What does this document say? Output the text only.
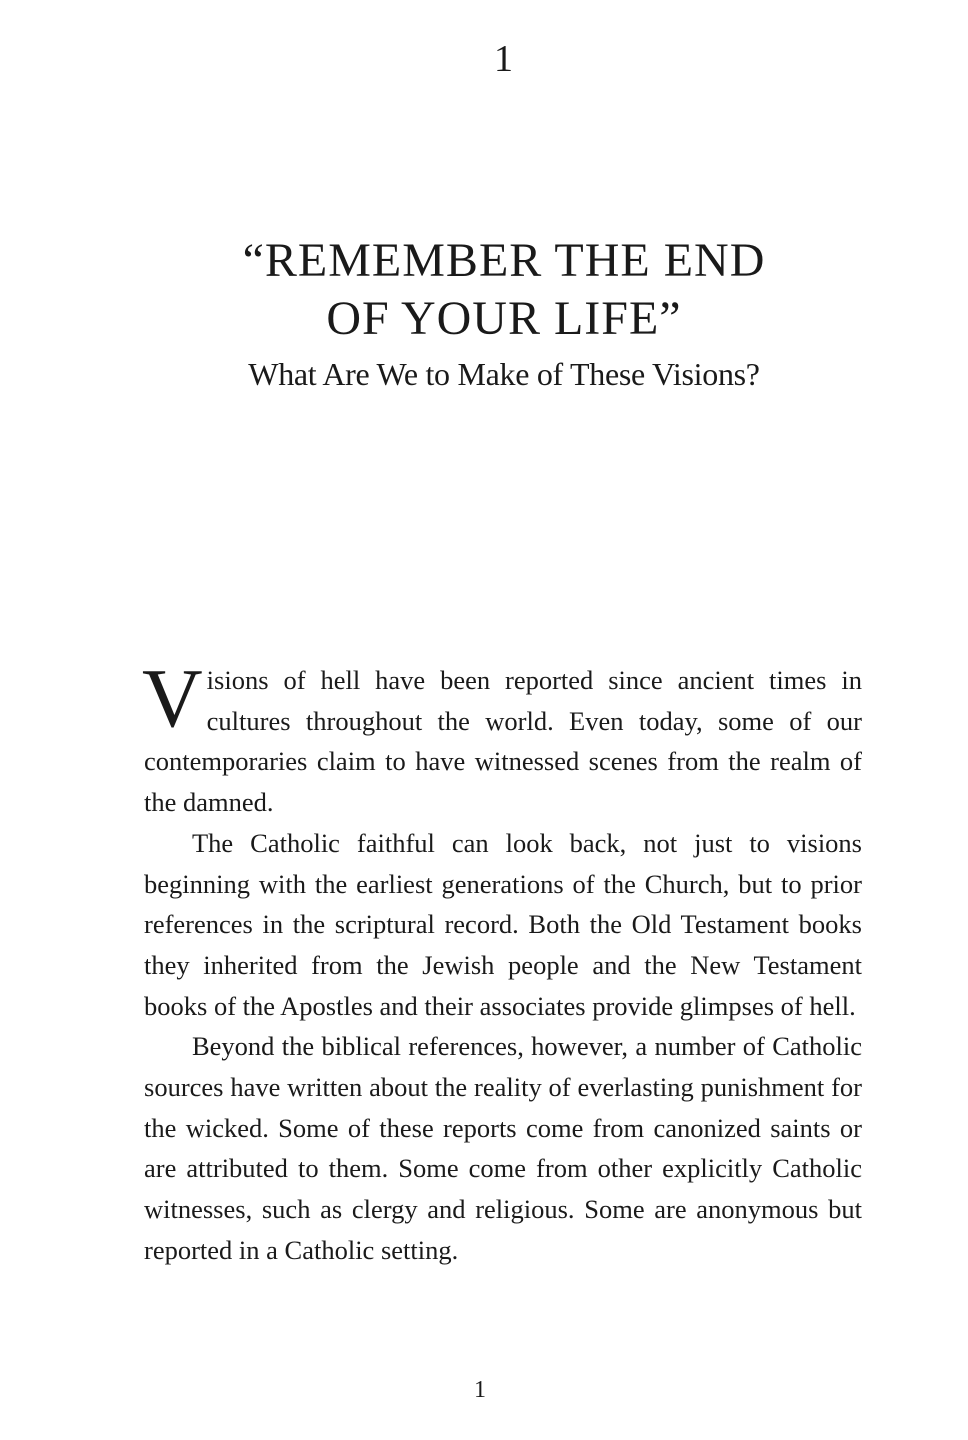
1
“REMEMBER THE END
OF YOUR LIFE”
What Are We to Make of These Visions?

Visions of hell have been reported since ancient times in cultures throughout the world. Even today, some of our contemporaries claim to have witnessed scenes from the realm of the damned.

The Catholic faithful can look back, not just to visions beginning with the earliest generations of the Church, but to prior references in the scriptural record. Both the Old Testament books they inherited from the Jewish people and the New Testament books of the Apostles and their associates provide glimpses of hell.

Beyond the biblical references, however, a number of Catholic sources have written about the reality of everlasting punishment for the wicked. Some of these reports come from canonized saints or are attributed to them. Some come from other explicitly Catholic witnesses, such as clergy and religious. Some are anonymous but reported in a Catholic setting.

1
